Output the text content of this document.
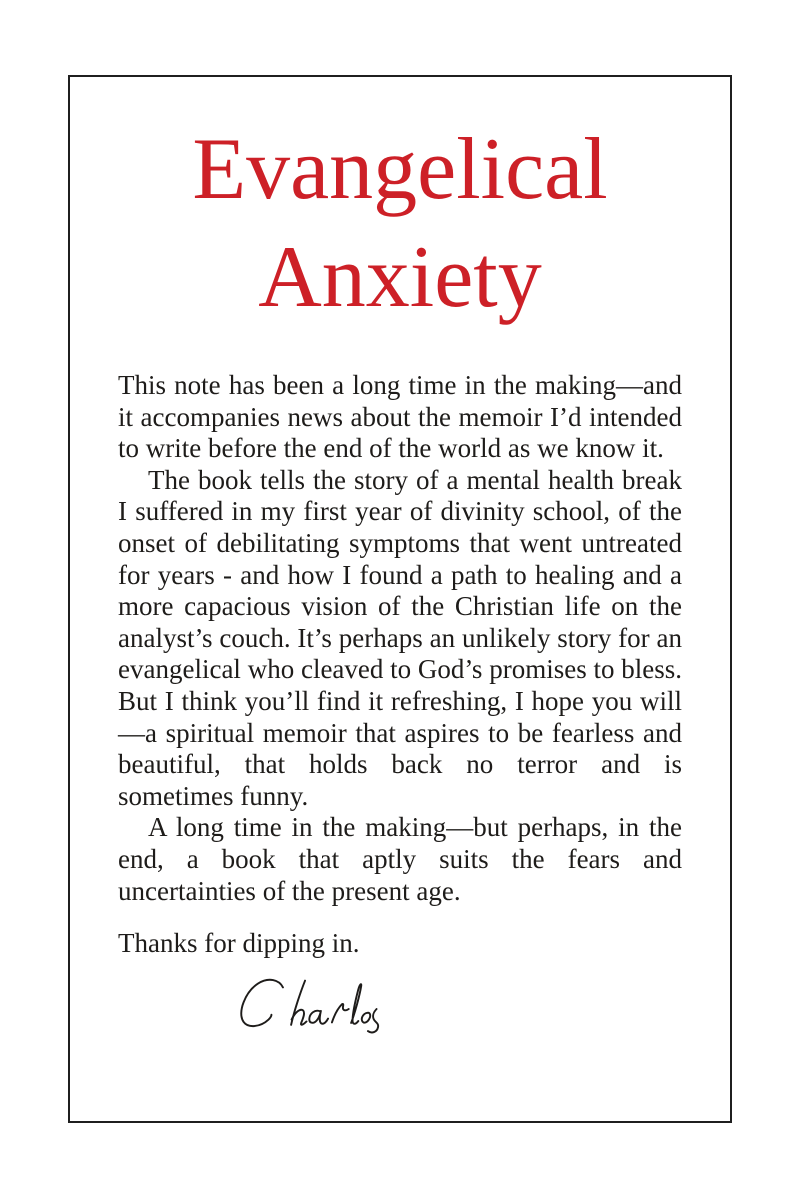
Evangelical
Anxiety

This note has been a long time in the making—and it accompanies news about the memoir I’d intended to write before the end of the world as we know it.

The book tells the story of a mental health break I suffered in my first year of divinity school, of the onset of debilitating symptoms that went untreated for years - and how I found a path to healing and a more capacious vision of the Christian life on the analyst’s couch. It’s perhaps an unlikely story for an evangelical who cleaved to God’s promises to bless. But I think you’ll find it refreshing, I hope you will—a spiritual memoir that aspires to be fearless and beautiful, that holds back no terror and is sometimes funny.

A long time in the making—but perhaps, in the end, a book that aptly suits the fears and uncertainties of the present age.

Thanks for dipping in.
